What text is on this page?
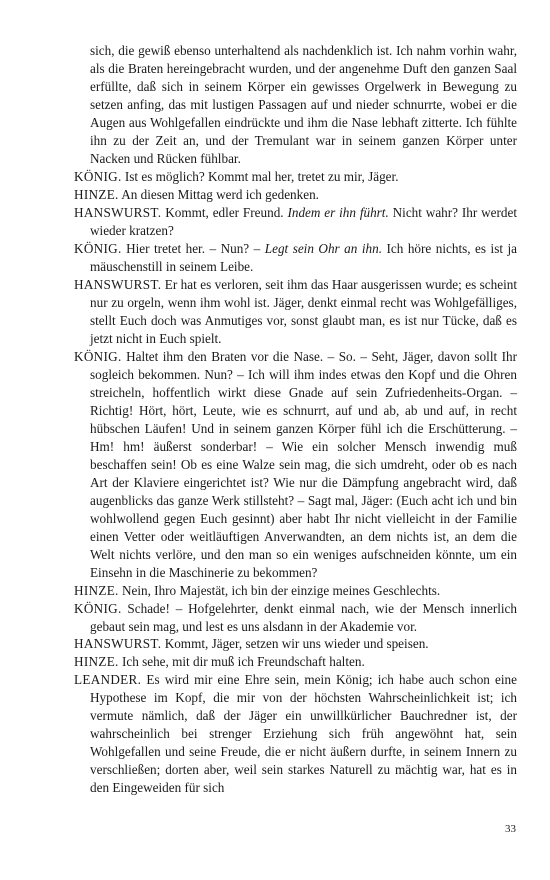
sich, die gewiß ebenso unterhaltend als nachdenklich ist. Ich nahm vorhin wahr, als die Braten hereingebracht wurden, und der angenehme Duft den ganzen Saal erfüllte, daß sich in seinem Körper ein gewisses Orgelwerk in Bewegung zu setzen anfing, das mit lustigen Passagen auf und nieder schnurrte, wobei er die Augen aus Wohlgefallen eindrückte und ihm die Nase lebhaft zitterte. Ich fühlte ihn zu der Zeit an, und der Tremulant war in seinem ganzen Körper unter Nacken und Rücken fühlbar.
KÖNIG. Ist es möglich? Kommt mal her, tretet zu mir, Jäger.
HINZE. An diesen Mittag werd ich gedenken.
HANSWURST. Kommt, edler Freund. Indem er ihn führt. Nicht wahr? Ihr werdet wieder kratzen?
KÖNIG. Hier tretet her. – Nun? – Legt sein Ohr an ihn. Ich höre nichts, es ist ja mäuschenstill in seinem Leibe.
HANSWURST. Er hat es verloren, seit ihm das Haar ausgerissen wurde; es scheint nur zu orgeln, wenn ihm wohl ist. Jäger, denkt einmal recht was Wohlgefälliges, stellt Euch doch was Anmutiges vor, sonst glaubt man, es ist nur Tücke, daß es jetzt nicht in Euch spielt.
KÖNIG. Haltet ihm den Braten vor die Nase. – So. – Seht, Jäger, davon sollt Ihr sogleich bekommen. Nun? – Ich will ihm indes etwas den Kopf und die Ohren streicheln, hoffentlich wirkt diese Gnade auf sein Zufriedenheits-Organ. – Richtig! Hört, hört, Leute, wie es schnurrt, auf und ab, ab und auf, in recht hübschen Läufen! Und in seinem ganzen Körper fühl ich die Erschütterung. – Hm! hm! äußerst sonderbar! – Wie ein solcher Mensch inwendig muß beschaffen sein! Ob es eine Walze sein mag, die sich umdreht, oder ob es nach Art der Klaviere eingerichtet ist? Wie nur die Dämpfung angebracht wird, daß augenblicks das ganze Werk stillsteht? – Sagt mal, Jäger: (Euch acht ich und bin wohlwollend gegen Euch gesinnt) aber habt Ihr nicht vielleicht in der Familie einen Vetter oder weitläuftigen Anverwandten, an dem nichts ist, an dem die Welt nichts verlöre, und den man so ein weniges aufschneiden könnte, um ein Einsehn in die Maschinerie zu bekommen?
HINZE. Nein, Ihro Majestät, ich bin der einzige meines Geschlechts.
KÖNIG. Schade! – Hofgelehrter, denkt einmal nach, wie der Mensch innerlich gebaut sein mag, und lest es uns alsdann in der Akademie vor.
HANSWURST. Kommt, Jäger, setzen wir uns wieder und speisen.
HINZE. Ich sehe, mit dir muß ich Freundschaft halten.
LEANDER. Es wird mir eine Ehre sein, mein König; ich habe auch schon eine Hypothese im Kopf, die mir von der höchsten Wahrscheinlichkeit ist; ich vermute nämlich, daß der Jäger ein unwillkürlicher Bauchredner ist, der wahrscheinlich bei strenger Erziehung sich früh angewöhnt hat, sein Wohlgefallen und seine Freude, die er nicht äußern durfte, in seinem Innern zu verschließen; dorten aber, weil sein starkes Naturell zu mächtig war, hat es in den Eingeweiden für sich
33
